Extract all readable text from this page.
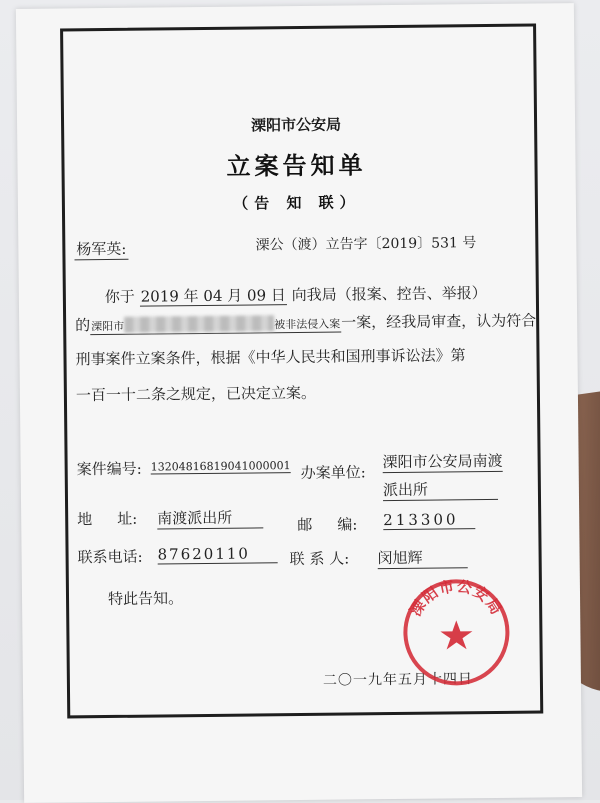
溧阳市公安局
立案告知单
（告 知 联）
溧公（渡）立告字〔2019〕531 号
杨军英:
你于 2019 年 04 月 09 日 向我局（报案、控告、举报）
的溧阳市	被非法侵入案一案，经我局审查，认为符合
刑事案件立案条件，根据《中华人民共和国刑事诉讼法》第
一百一十二条之规定，已决定立案。
案件编号: 13204816819041000001 办案单位:
溧阳市公安局南渡
派出所
地 址: 南渡派出所	邮 编: 213300
联系电话: 87620110	联 系 人: 闵旭辉
特此告知。
二〇一九年五月十四日
溧阳市公安局
